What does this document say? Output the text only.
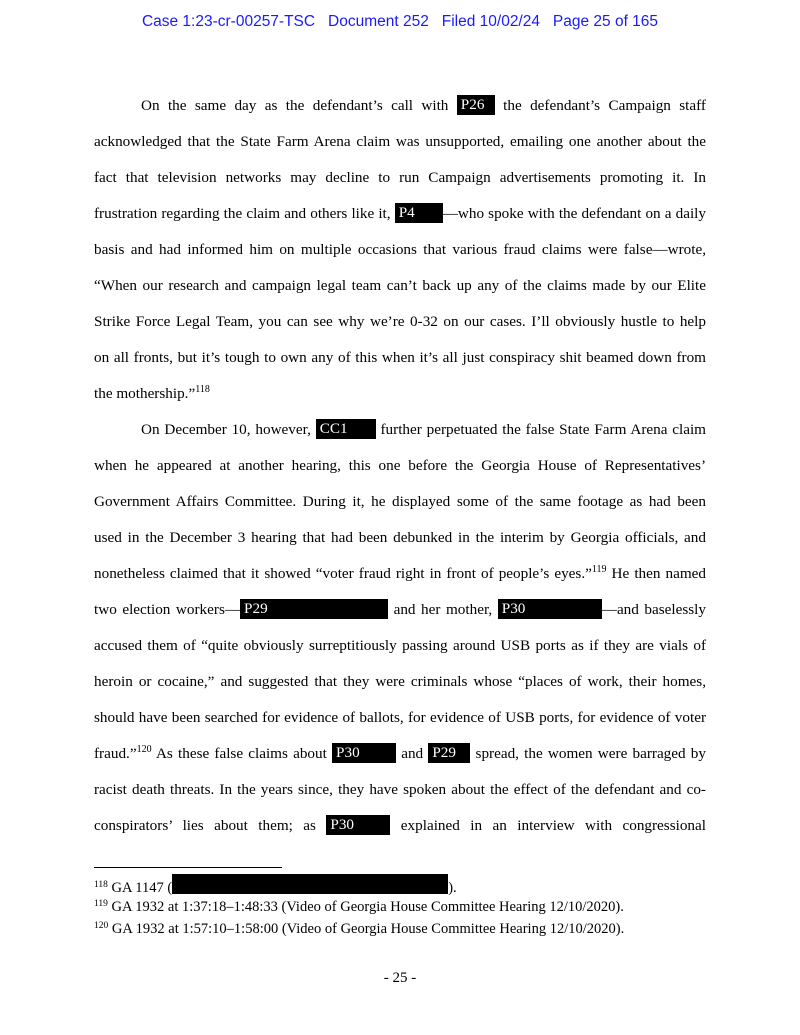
Case 1:23-cr-00257-TSC   Document 252   Filed 10/02/24   Page 25 of 165
On the same day as the defendant’s call with P26 the defendant’s Campaign staff
acknowledged that the State Farm Arena claim was unsupported, emailing one another about the
fact that television networks may decline to run Campaign advertisements promoting it. In
frustration regarding the claim and others like it, P4 —who spoke with the defendant on a daily
basis and had informed him on multiple occasions that various fraud claims were false—wrote,
“When our research and campaign legal team can’t back up any of the claims made by our Elite
Strike Force Legal Team, you can see why we’re 0-32 on our cases. I’ll obviously hustle to help
on all fronts, but it’s tough to own any of this when it’s all just conspiracy shit beamed down from
the mothership.”$^{118}$
On December 10, however, CC1 further perpetuated the false State Farm Arena claim
when he appeared at another hearing, this one before the Georgia House of Representatives’
Government Affairs Committee. During it, he displayed some of the same footage as had been
used in the December 3 hearing that had been debunked in the interim by Georgia officials, and
nonetheless claimed that it showed “voter fraud right in front of people’s eyes.”$^{119}$ He then named
two election workers— P29	and her mother, P30	—and baselessly
accused them of “quite obviously surreptitiously passing around USB ports as if they are vials of
heroin or cocaine,” and suggested that they were criminals whose “places of work, their homes,
should have been searched for evidence of ballots, for evidence of USB ports, for evidence of voter
fraud.”$^{120}$ As these false claims about P30 and P29 spread, the women were barraged by
racist death threats. In the years since, they have spoken about the effect of the defendant and co-
conspirators’ lies about them; as P30 explained in an interview with congressional
$^{118}$ GA 1147 (	).
$^{119}$ GA 1932 at 1:37:18–1:48:33 (Video of Georgia House Committee Hearing 12/10/2020).
$^{120}$ GA 1932 at 1:57:10–1:58:00 (Video of Georgia House Committee Hearing 12/10/2020).
- 25 -
